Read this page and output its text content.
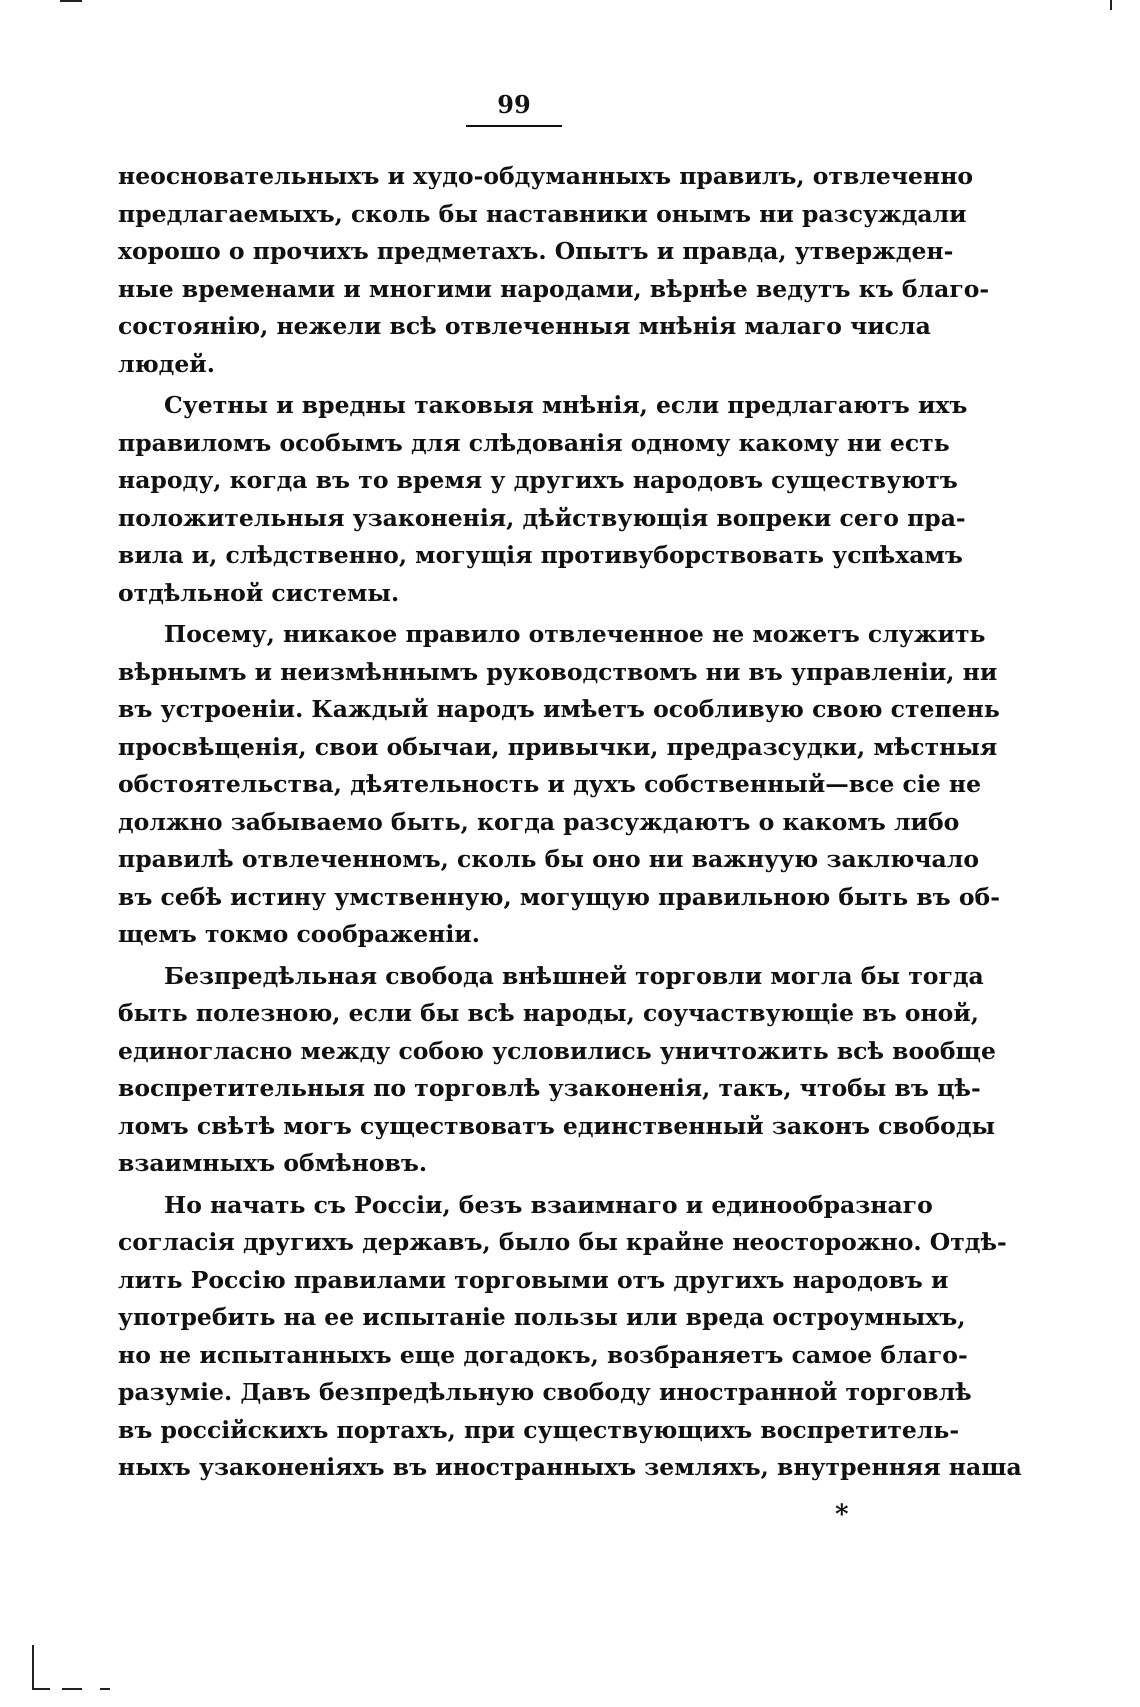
99
неосновательныхъ и худо-обдуманныхъ правилъ, отвлеченно
предлагаемыхъ, сколь бы наставники онымъ ни разсуждали
хорошо о прочихъ предметахъ. Опытъ и правда, утвержден-
ные временами и многими народами, вѣрнѣе ведутъ къ благо-
состоянію, нежели всѣ отвлеченныя мнѣнія малаго числа
людей.
Суетны и вредны таковыя мнѣнія, если предлагаютъ ихъ
правиломъ особымъ для слѣдованія одному какому ни есть
народу, когда въ то время у другихъ народовъ существуютъ
положительныя узаконенія, дѣйствующія вопреки сего пра-
вила и, слѣдственно, могущія противуборствовать успѣхамъ
отдѣльной системы.
Посему, никакое правило отвлеченное не можетъ служить
вѣрнымъ и неизмѣннымъ руководствомъ ни въ управленіи, ни
въ устроеніи. Каждый народъ имѣетъ особливую свою степень
просвѣщенія, свои обычаи, привычки, предразсудки, мѣстныя
обстоятельства, дѣятельность и духъ собственный—все сіе не
должно забываемо быть, когда разсуждаютъ о какомъ либо
правилѣ отвлеченномъ, сколь бы оно ни важнуую заключало
въ себѣ истину умственную, могущую правильною быть въ об-
щемъ токмо соображеніи.
Безпредѣльная свобода внѣшней торговли могла бы тогда
быть полезною, если бы всѣ народы, соучаствующіе въ оной,
единогласно между собою условились уничтожить всѣ вообще
воспретительныя по торговлѣ узаконенія, такъ, чтобы въ цѣ-
ломъ свѣтѣ могъ существоватъ единственный законъ свободы
взаимныхъ обмѣновъ.
Но начать съ Россіи, безъ взаимнаго и единообразнаго
согласія другихъ державъ, было бы крайне неосторожно. Отдѣ-
лить Россію правилами торговыми отъ другихъ народовъ и
употребить на ее испытаніе пользы или вреда остроумныхъ,
но не испытанныхъ еще догадокъ, возбраняетъ самое благо-
разуміе. Давъ безпредѣльную свободу иностранной торговлѣ
въ россійскихъ портахъ, при существующихъ воспретитель-
ныхъ узаконеніяхъ въ иностранныхъ земляхъ, внутренняя наша
*
